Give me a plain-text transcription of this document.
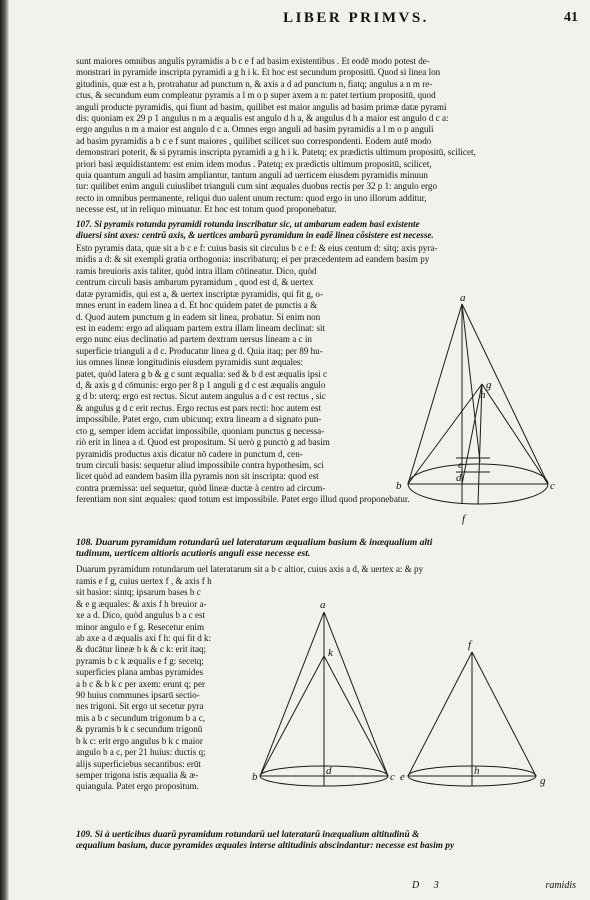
LIBER PRIMVS.	41

sunt maiores omnibus angulis pyramidis a b c e f ad basim existentibus . Et eodē modo potest de-

monstrari in pyramide inscripta pyramidi a g h i k. Et hoc est secundum propositū. Quod si linea lon

gitudinis, quæ est a h, protrahatur ad punctum n, & axis a d ad punctum n, fiatq; angulus a n m re-

ctus, & secundum eum compleatur pyramis a l m o p super axem a n: patet tertium propositū, quod

anguli producte pyramidis, qui fiunt ad basim, quilibet est maior angulis ad basim primæ datæ pyrami

dis: quoniam ex 29 p 1 angulus n m a æqualis est angulo d h a, & angulus d h a maior est angulo d c a:

ergo angulus n m a maior est angulo d c a. Omnes ergo anguli ad basim pyramidis a l m o p anguli

ad basim pyramidis a b c e f sunt maiores , quilibet scilicet suo correspondenti. Eodem autē modo

demonstrari poterit, & si pyramis inscripta pyramidi a g h i k. Patetq; ex prædictis ultimum propositū, scilicet,

priori basi æquidistantem: est enim idem modus . Patetq; ex prædictis ultimum propositū, scilicet,

quia quantum anguli ad basim ampliantur, tantum anguli ad uerticem eiusdem pyramidis minuun

tur: quilibet enim anguli cuiuslibet trianguli cum sint æquales duobus rectis per 32 p 1: angulo ergo

recto in omnibus permanente, reliqui duo ualent unum rectum: quod ergo in uno illorum additur,

necesse est, ut in reliquo minuatur. Et hoc est totum quod proponebatur.

107. Si pyramis rotunda pyramidi rotunda inscribatur sic, ut ambarum eadem basi existente

diuersi sint axes: centrū axis, & uertices ambarū pyramidum in eadē linea cōsistere est necesse.

Esto pyramis data, quæ sit a b c e f: cuius basis sit circulus b c e f: & eius centum d: sitq; axis pyra-

midis a d: & sit exempli gratia orthogonia: inscribaturq; ei per præcedentem ad eandem basim py

ramis breuioris axis taliter, quòd intra illam cōtineatur. Dico, quòd

centrum circuli basis ambarum pyramidum , quod est d, & uertex

datæ pyramidis, qui est a, & uertex inscriptæ pyramidis, qui fit g, o-

mnes erunt in eadem linea a d. Et hoc quidem patet de punctis a &

d. Quod autem punctum g in eadem sit linea, probatur. Si enim non

est in eadem: ergo ad aliquam partem extra illam lineam declinat: sit

ergo nunc eius declinatio ad partem dextram uersus lineam a c in

superficie trianguli a d c. Producatur linea g d. Quia itaq; per 89 hu-

ius omnes lineæ longitudinis eiusdem pyramidis sunt æquales:

patet, quòd latera g b & g c sunt æqualia: sed & b d est æqualis ipsi c

d, & axis g d cōmunis: ergo per 8 p 1 anguli g d c est æqualis angulo

g d b: uterq; ergo est rectus. Sicut autem angulus a d c est rectus , sic

& angulus g d c erit rectus. Ergo rectus est pars recti: hoc autem est

impossibile. Patet ergo, cum ubicunq; extra lineam a d signato pun-

cto g, semper idem accidat impossibile, quoniam punctus g necessa-

riò erit in linea a d. Quod est propositum. Si uerò g punctò g ad basim

pyramidis productus axis dicatur nō cadere in punctum d, cen-

trum circuli basis: sequetur aliud impossibile contra hypothesim, sci

licet quòd ad eandem basim illa pyramis non sit inscripta: quod est

contra præmissa: uel sequetur, quòd lineæ ductæ à centro ad circum-

ferentiam non sint æquales: quod totum est impossibile. Patet ergo illud quod proponebatur.

a
b	c
d
e
f
g
h

108. Duarum pyramidum rotundarū uel lateratarum æqualium basium & inæqualium alti

tudinum, uerticem altioris acutioris anguli esse necesse est.

Duarum pyramidum rotundarum uel lateratarum sit a b c altior, cuius axis a d, & uertex a: & py

ramis e f g, cuius uertex f , & axis f h

sit basior: sintq; ipsarum bases b c

& e g æquales: & axis f h breuior a-

xe a d. Dico, quòd angulus b a c est

minor angulo e f g. Resecetur enim

ab axe a d æqualis axi f h: qui fit d k:

& ducātur lineæ b k & c k: erit itaq;

pyramis b c k æqualis e f g: secetq;

superficies plana ambas pyramides

a b c & b k c per axem: erunt q; per

90 huius communes ipsarū sectio-

nes trigoni. Sit ergo ut secetur pyra

mis a b c secundum trigonum b a c,

& pyramis b k c secundum trigonū

b k c: erit ergo angulus b k c maior

angulo b a c, per 21 huius: ductis q;

alijs superficiebus secantibus: erūt

semper trigona istis æqualia & æ-

quiangula. Patet ergo propositum.

a
k
b	d	c
f
e	h
g

109. Si à uerticibus duarū pyramidum rotundarū uel lateratarū inæqualium altitudinū &

æqualium basium, ducæ pyramides æquales interse altitudinis abscindantur: necesse est basim py

D 3	ramidis
